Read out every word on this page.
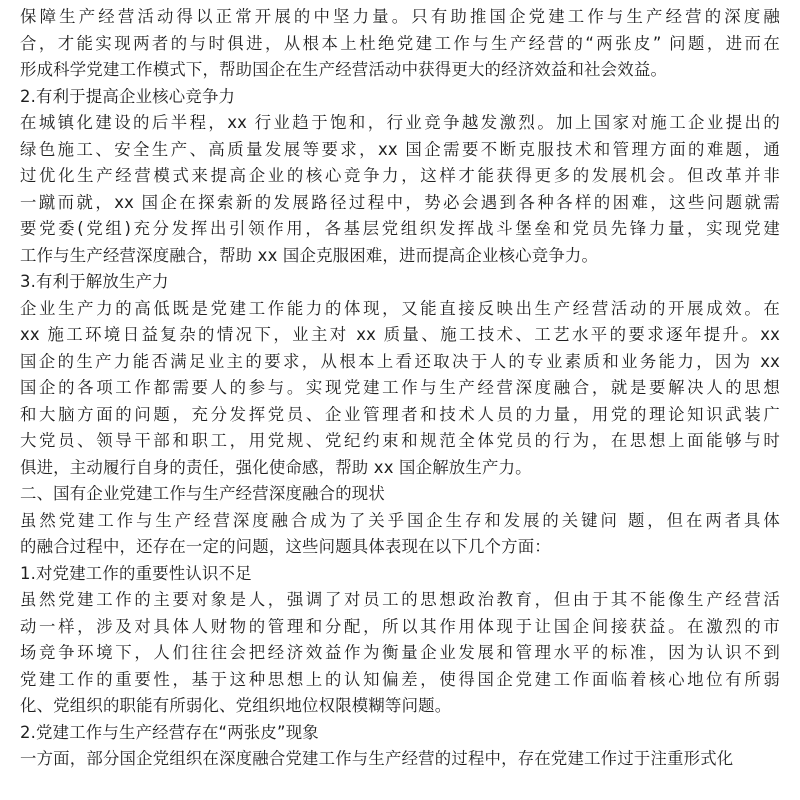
保障生产经营活动得以正常开展的中坚力量。只有助推国企党建工作与生产经营的深度融
合，才能实现两者的与时俱进，从根本上杜绝党建工作与生产经营的“两张皮” 问题，进而在
形成科学党建工作模式下，帮助国企在生产经营活动中获得更大的经济效益和社会效益。
2.有利于提高企业核心竞争力
在城镇化建设的后半程，xx 行业趋于饱和，行业竞争越发激烈。加上国家对施工企业提出的
绿色施工、安全生产、高质量发展等要求，xx 国企需要不断克服技术和管理方面的难题，通
过优化生产经营模式来提高企业的核心竞争力，这样才能获得更多的发展机会。但改革并非
一蹴而就，xx 国企在探索新的发展路径过程中，势必会遇到各种各样的困难，这些问题就需
要党委(党组)充分发挥出引领作用，各基层党组织发挥战斗堡垒和党员先锋力量，实现党建
工作与生产经营深度融合，帮助 xx 国企克服困难，进而提高企业核心竞争力。
3.有利于解放生产力
企业生产力的高低既是党建工作能力的体现，又能直接反映出生产经营活动的开展成效。在
xx 施工环境日益复杂的情况下，业主对 xx 质量、施工技术、工艺水平的要求逐年提升。xx
国企的生产力能否满足业主的要求，从根本上看还取决于人的专业素质和业务能力，因为 xx
国企的各项工作都需要人的参与。实现党建工作与生产经营深度融合，就是要解决人的思想
和大脑方面的问题，充分发挥党员、企业管理者和技术人员的力量，用党的理论知识武装广
大党员、领导干部和职工，用党规、党纪约束和规范全体党员的行为，在思想上面能够与时
俱进，主动履行自身的责任，强化使命感，帮助 xx 国企解放生产力。
二、国有企业党建工作与生产经营深度融合的现状
虽然党建工作与生产经营深度融合成为了关乎国企生存和发展的关键问 题，但在两者具体
的融合过程中，还存在一定的问题，这些问题具体表现在以下几个方面：
1.对党建工作的重要性认识不足
虽然党建工作的主要对象是人，强调了对员工的思想政治教育，但由于其不能像生产经营活
动一样，涉及对具体人财物的管理和分配，所以其作用体现于让国企间接获益。在激烈的市
场竞争环境下，人们往往会把经济效益作为衡量企业发展和管理水平的标准，因为认识不到
党建工作的重要性，基于这种思想上的认知偏差，使得国企党建工作面临着核心地位有所弱
化、党组织的职能有所弱化、党组织地位权限模糊等问题。
2.党建工作与生产经营存在“两张皮”现象
一方面，部分国企党组织在深度融合党建工作与生产经营的过程中，存在党建工作过于注重形式化
